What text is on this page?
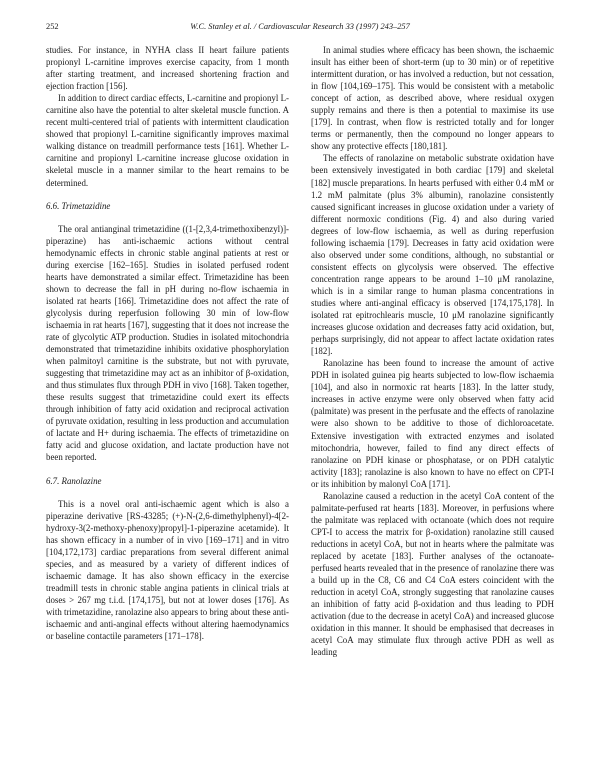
252	W.C. Stanley et al. / Cardiovascular Research 33 (1997) 243–257

studies. For instance, in NYHA class II heart failure patients propionyl L-carnitine improves exercise capacity, from 1 month after starting treatment, and increased shortening fraction and ejection fraction [156].

In addition to direct cardiac effects, L-carnitine and propionyl L-carnitine also have the potential to alter skeletal muscle function. A recent multi-centered trial of patients with intermittent claudication showed that propionyl L-carnitine significantly improves maximal walking distance on treadmill performance tests [161]. Whether L-carnitine and propionyl L-carnitine increase glucose oxidation in skeletal muscle in a manner similar to the heart remains to be determined.

6.6. Trimetazidine

The oral antianginal trimetazidine ((1-[2,3,4-trimethoxibenzyl)]-piperazine) has anti-ischaemic actions without central hemodynamic effects in chronic stable anginal patients at rest or during exercise [162–165]. Studies in isolated perfused rodent hearts have demonstrated a similar effect. Trimetazidine has been shown to decrease the fall in pH during no-flow ischaemia in isolated rat hearts [166]. Trimetazidine does not affect the rate of glycolysis during reperfusion following 30 min of low-flow ischaemia in rat hearts [167], suggesting that it does not increase the rate of glycolytic ATP production. Studies in isolated mitochondria demonstrated that trimetazidine inhibits oxidative phosphorylation when palmitoyl carnitine is the substrate, but not with pyruvate, suggesting that trimetazidine may act as an inhibitor of β-oxidation, and thus stimulates flux through PDH in vivo [168]. Taken together, these results suggest that trimetazidine could exert its effects through inhibition of fatty acid oxidation and reciprocal activation of pyruvate oxidation, resulting in less production and accumulation of lactate and H+ during ischaemia. The effects of trimetazidine on fatty acid and glucose oxidation, and lactate production have not been reported.

6.7. Ranolazine

This is a novel oral anti-ischaemic agent which is also a piperazine derivative [RS-43285; (+)-N-(2,6-dimethylphenyl)-4[2-hydroxy-3(2-methoxy-phenoxy)propyl]-1-piperazine acetamide). It has shown efficacy in a number of in vivo [169–171] and in vitro [104,172,173] cardiac preparations from several different animal species, and as measured by a variety of different indices of ischaemic damage. It has also shown efficacy in the exercise treadmill tests in chronic stable angina patients in clinical trials at doses > 267 mg t.i.d. [174,175], but not at lower doses [176]. As with trimetazidine, ranolazine also appears to bring about these anti-ischaemic and anti-anginal effects without altering haemodynamics or baseline contactile parameters [171–178].

In animal studies where efficacy has been shown, the ischaemic insult has either been of short-term (up to 30 min) or of repetitive intermittent duration, or has involved a reduction, but not cessation, in flow [104,169–175]. This would be consistent with a metabolic concept of action, as described above, where residual oxygen supply remains and there is then a potential to maximise its use [179]. In contrast, when flow is restricted totally and for longer terms or permanently, then the compound no longer appears to show any protective effects [180,181].

The effects of ranolazine on metabolic substrate oxidation have been extensively investigated in both cardiac [179] and skeletal [182] muscle preparations. In hearts perfused with either 0.4 mM or 1.2 mM palmitate (plus 3% albumin), ranolazine consistently caused significant increases in glucose oxidation under a variety of different normoxic conditions (Fig. 4) and also during varied degrees of low-flow ischaemia, as well as during reperfusion following ischaemia [179]. Decreases in fatty acid oxidation were also observed under some conditions, although, no substantial or consistent effects on glycolysis were observed. The effective concentration range appears to be around 1–10 μM ranolazine, which is in a similar range to human plasma concentrations in studies where anti-anginal efficacy is observed [174,175,178]. In isolated rat epitrochlearis muscle, 10 μM ranolazine significantly increases glucose oxidation and decreases fatty acid oxidation, but, perhaps surprisingly, did not appear to affect lactate oxidation rates [182].

Ranolazine has been found to increase the amount of active PDH in isolated guinea pig hearts subjected to low-flow ischaemia [104], and also in normoxic rat hearts [183]. In the latter study, increases in active enzyme were only observed when fatty acid (palmitate) was present in the perfusate and the effects of ranolazine were also shown to be additive to those of dichloroacetate. Extensive investigation with extracted enzymes and isolated mitochondria, however, failed to find any direct effects of ranolazine on PDH kinase or phosphatase, or on PDH catalytic activity [183]; ranolazine is also known to have no effect on CPT-I or its inhibition by malonyl CoA [171].

Ranolazine caused a reduction in the acetyl CoA content of the palmitate-perfused rat hearts [183]. Moreover, in perfusions where the palmitate was replaced with octanoate (which does not require CPT-I to access the matrix for β-oxidation) ranolazine still caused reductions in acetyl CoA, but not in hearts where the palmitate was replaced by acetate [183]. Further analyses of the octanoate-perfused hearts revealed that in the presence of ranolazine there was a build up in the C8, C6 and C4 CoA esters coincident with the reduction in acetyl CoA, strongly suggesting that ranolazine causes an inhibition of fatty acid β-oxidation and thus leading to PDH activation (due to the decrease in acetyl CoA) and increased glucose oxidation in this manner. It should be emphasised that decreases in acetyl CoA may stimulate flux through active PDH as well as leading
